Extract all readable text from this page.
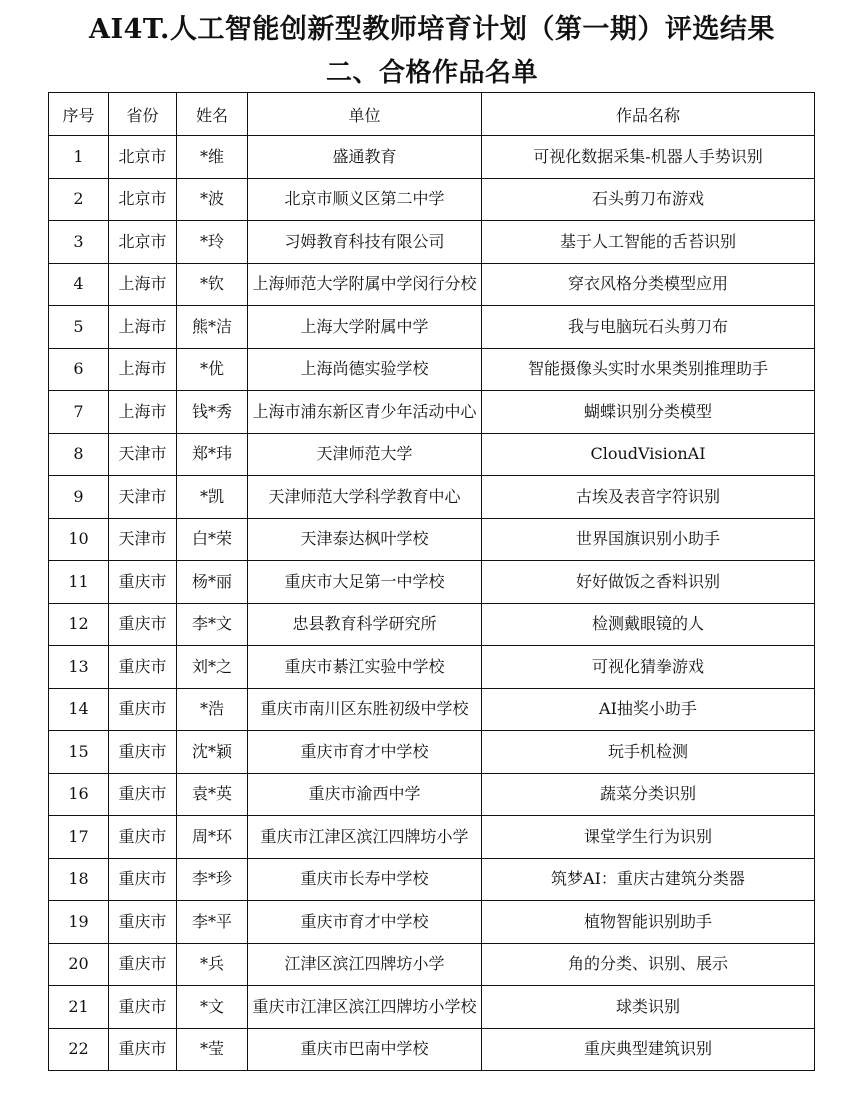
AI4T.人工智能创新型教师培育计划（第一期）评选结果
二、合格作品名单
序号	省份	姓名	单位	作品名称
1	北京市	*维	盛通教育	可视化数据采集-机器人手势识别
2	北京市	*波	北京市顺义区第二中学	石头剪刀布游戏
3	北京市	*玲	习姆教育科技有限公司	基于人工智能的舌苔识别
4	上海市	*钦	上海师范大学附属中学闵行分校	穿衣风格分类模型应用
5	上海市	熊*洁	上海大学附属中学	我与电脑玩石头剪刀布
6	上海市	*优	上海尚德实验学校	智能摄像头实时水果类别推理助手
7	上海市	钱*秀	上海市浦东新区青少年活动中心	蝴蝶识别分类模型
8	天津市	郑*玮	天津师范大学	CloudVisionAI
9	天津市	*凯	天津师范大学科学教育中心	古埃及表音字符识别
10	天津市	白*荣	天津泰达枫叶学校	世界国旗识别小助手
11	重庆市	杨*丽	重庆市大足第一中学校	好好做饭之香料识别
12	重庆市	李*文	忠县教育科学研究所	检测戴眼镜的人
13	重庆市	刘*之	重庆市綦江实验中学校	可视化猜拳游戏
14	重庆市	*浩	重庆市南川区东胜初级中学校	AI抽奖小助手
15	重庆市	沈*颖	重庆市育才中学校	玩手机检测
16	重庆市	袁*英	重庆市渝西中学	蔬菜分类识别
17	重庆市	周*环	重庆市江津区滨江四牌坊小学	课堂学生行为识别
18	重庆市	李*珍	重庆市长寿中学校	筑梦AI：重庆古建筑分类器
19	重庆市	李*平	重庆市育才中学校	植物智能识别助手
20	重庆市	*兵	江津区滨江四牌坊小学	角的分类、识别、展示
21	重庆市	*文	重庆市江津区滨江四牌坊小学校	球类识别
22	重庆市	*莹	重庆市巴南中学校	重庆典型建筑识别
